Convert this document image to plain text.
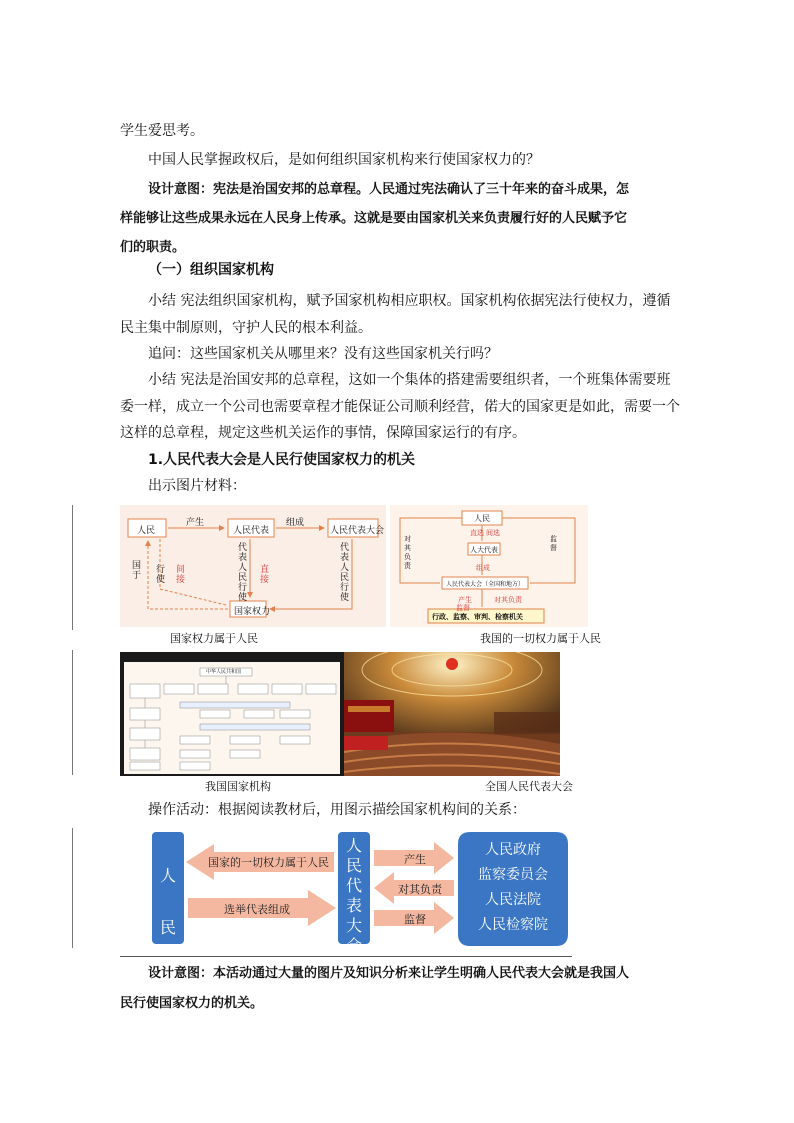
学生爱思考。
中国人民掌握政权后，是如何组织国家机构来行使国家权力的？
设计意图：宪法是治国安邦的总章程。人民通过宪法确认了三十年来的奋斗成果，怎
样能够让这些成果永远在人民身上传承。这就是要由国家机关来负责履行好的人民赋予它
们的职责。
（一）组织国家机构
小结 宪法组织国家机构，赋予国家机构相应职权。国家机构依据宪法行使权力，遵循
民主集中制原则，守护人民的根本利益。
追问：这些国家机关从哪里来？没有这些国家机关行吗？
小结 宪法是治国安邦的总章程，这如一个集体的搭建需要组织者，一个班集体需要班
委一样，成立一个公司也需要章程才能保证公司顺利经营，偌大的国家更是如此，需要一个
这样的总章程，规定这些机关运作的事情，保障国家运行的有序。
1.人民代表大会是人民行使国家权力的机关
出示图片材料：
人民
产生
人民代表
组成
人民代表大会
国家权力
国于
行使
间接
代表人民行使
直接
代表人民行使
国家权力属于人民
人民
直选 间选
人大代表
组成
人民代表大会（全国和地方）
产生	对其负责
行政、监察、审判、检察机关
对其负责
监督
监督
我国的一切权力属于人民
中华人民共和国
我国国家机构	全国人民代表大会
操作活动：根据阅读教材后，用图示描绘国家机构间的关系：
人民
国家的一切权力属于人民
选举代表组成
人民代表大会
产生
对其负责
监督
人民政府
监察委员会
人民法院
人民检察院
设计意图：本活动通过大量的图片及知识分析来让学生明确人民代表大会就是我国人
民行使国家权力的机关。
